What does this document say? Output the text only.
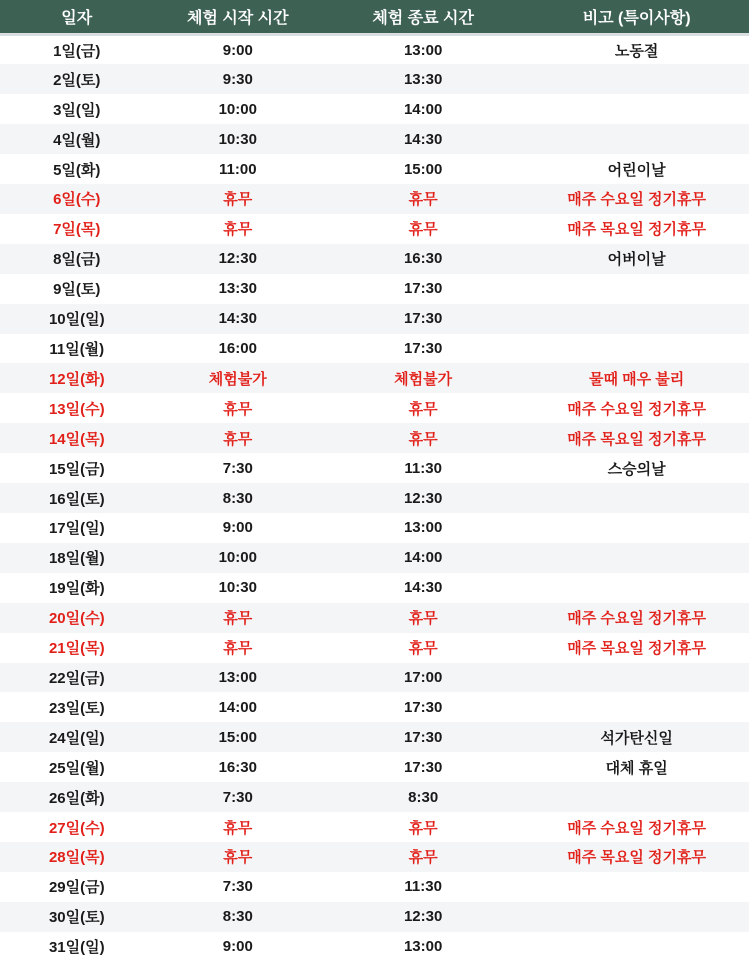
일자	체험 시작 시간	체험 종료 시간	비고 (특이사항)
1일(금)	9:00	13:00	노동절
2일(토)	9:30	13:30	
3일(일)	10:00	14:00	
4일(월)	10:30	14:30	
5일(화)	11:00	15:00	어린이날
6일(수)	휴무	휴무	매주 수요일 정기휴무
7일(목)	휴무	휴무	매주 목요일 정기휴무
8일(금)	12:30	16:30	어버이날
9일(토)	13:30	17:30	
10일(일)	14:30	17:30	
11일(월)	16:00	17:30	
12일(화)	체험불가	체험불가	물때 매우 불리
13일(수)	휴무	휴무	매주 수요일 정기휴무
14일(목)	휴무	휴무	매주 목요일 정기휴무
15일(금)	7:30	11:30	스승의날
16일(토)	8:30	12:30	
17일(일)	9:00	13:00	
18일(월)	10:00	14:00	
19일(화)	10:30	14:30	
20일(수)	휴무	휴무	매주 수요일 정기휴무
21일(목)	휴무	휴무	매주 목요일 정기휴무
22일(금)	13:00	17:00	
23일(토)	14:00	17:30	
24일(일)	15:00	17:30	석가탄신일
25일(월)	16:30	17:30	대체 휴일
26일(화)	7:30	8:30	
27일(수)	휴무	휴무	매주 수요일 정기휴무
28일(목)	휴무	휴무	매주 목요일 정기휴무
29일(금)	7:30	11:30	
30일(토)	8:30	12:30	
31일(일)	9:00	13:00	
